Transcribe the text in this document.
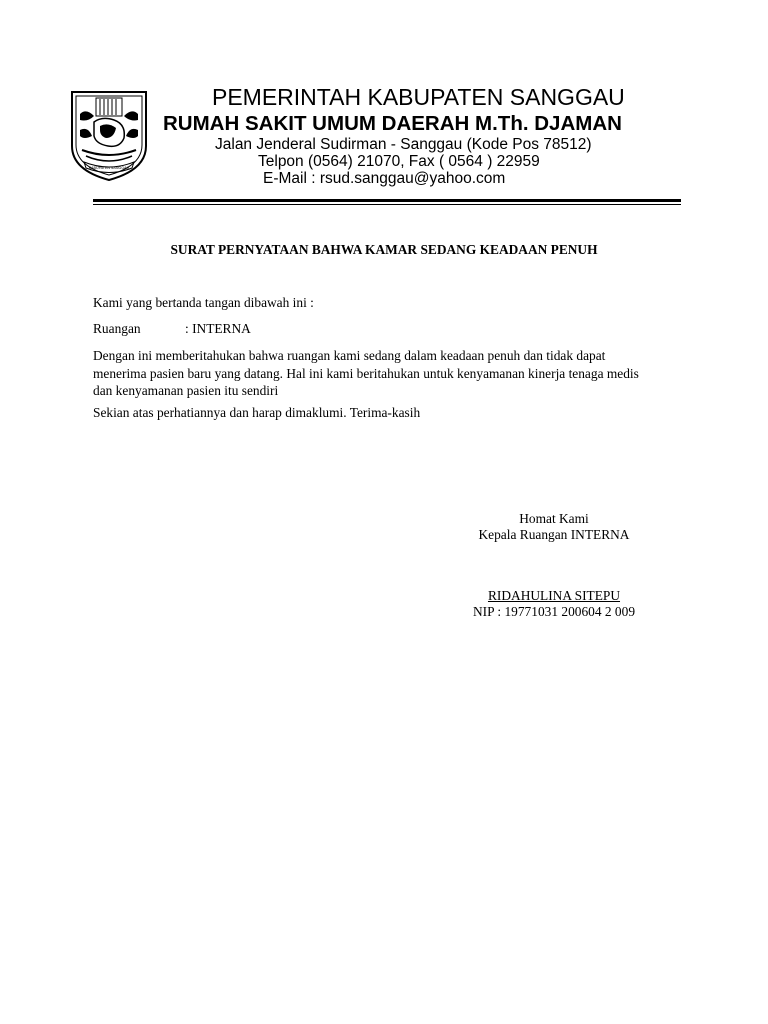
KABUPATEN SANGGAU
PEMERINTAH KABUPATEN SANGGAU
RUMAH SAKIT UMUM DAERAH M.Th. DJAMAN
Jalan Jenderal Sudirman - Sanggau (Kode Pos 78512)
Telpon (0564) 21070, Fax ( 0564 ) 22959
E-Mail : rsud.sanggau@yahoo.com
SURAT PERNYATAAN BAHWA KAMAR SEDANG KEADAAN PENUH
Kami yang bertanda tangan dibawah ini :
Ruangan	: INTERNA
Dengan ini memberitahukan bahwa ruangan kami sedang dalam keadaan penuh dan tidak dapat
menerima pasien baru yang datang. Hal ini kami beritahukan untuk kenyamanan kinerja tenaga medis
dan kenyamanan pasien itu sendiri
Sekian atas perhatiannya dan harap dimaklumi. Terima-kasih
Homat Kami
Kepala Ruangan INTERNA
RIDAHULINA SITEPU
NIP : 19771031 200604 2 009
